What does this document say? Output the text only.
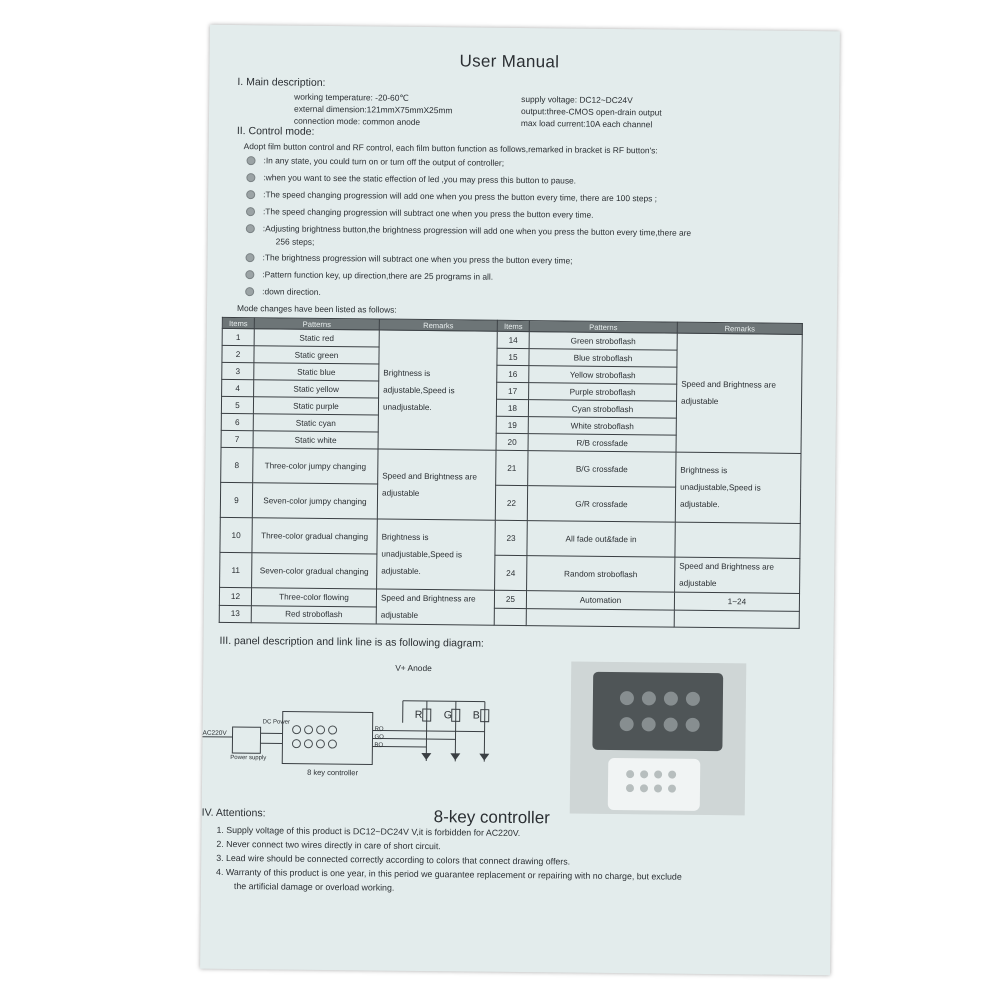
User Manual
I. Main description:
working temperature: -20-60℃
external dimension:121mmX75mmX25mm
connection mode: common anode
supply voltage: DC12~DC24V
output:three-CMOS open-drain output
max load current:10A each channel
II. Control mode:
Adopt film button control and RF control, each film button function as follows,remarked in bracket is RF button's:
:In any state, you could turn on or turn off the output of controller;
:when you want to see the static effection of led ,you may press this button to pause.
:The speed changing progression will add one when you press the button every time, there are 100 steps ;
:The speed changing progression will subtract one when you press the button every time.
:Adjusting brightness button,the brightness progression will add one when you press the button every time,there are
256 steps;
:The brightness progression will subtract one when you press the button every time;
:Pattern function key, up direction,there are 25 programs in all.
:down direction.
Mode changes have been listed as follows:
Items	Patterns	Remarks	Items	Patterns	Remarks
1	Static red	Brightness is adjustable,Speed is unadjustable.	14	Green stroboflash	Speed and Brightness are adjustable
2	Static green		15	Blue stroboflash	
3	Static blue		16	Yellow stroboflash	
4	Static yellow		17	Purple stroboflash	
5	Static purple		18	Cyan stroboflash	
6	Static cyan		19	White stroboflash	
7	Static white		20	R/B crossfade	
8	Three-color jumpy changing	Speed and Brightness are adjustable	21	B/G crossfade	Brightness is unadjustable,Speed is adjustable.
9	Seven-color jumpy changing		22	G/R crossfade	
10	Three-color gradual changing	Brightness is unadjustable,Speed is adjustable.	23	All fade out&fade in	
11	Seven-color gradual changing		24	Random stroboflash	Speed and Brightness are adjustable
12	Three-color flowing	Speed and Brightness are adjustable	25	Automation	1~24
13	Red stroboflash				
III. panel description and link line is as following diagram:
V+ Anode
R G B
AC220V
DC Power
Power supply
RO
GO
BO
8 key controller
IV. Attentions:	8-key controller
1. Supply voltage of this product is DC12~DC24V V,it is forbidden for AC220V.
2. Never connect two wires directly in care of short circuit.
3. Lead wire should be connected correctly according to colors that connect drawing offers.
4. Warranty of this product is one year, in this period we guarantee replacement or repairing with no charge, but exclude
the artificial damage or overload working.
